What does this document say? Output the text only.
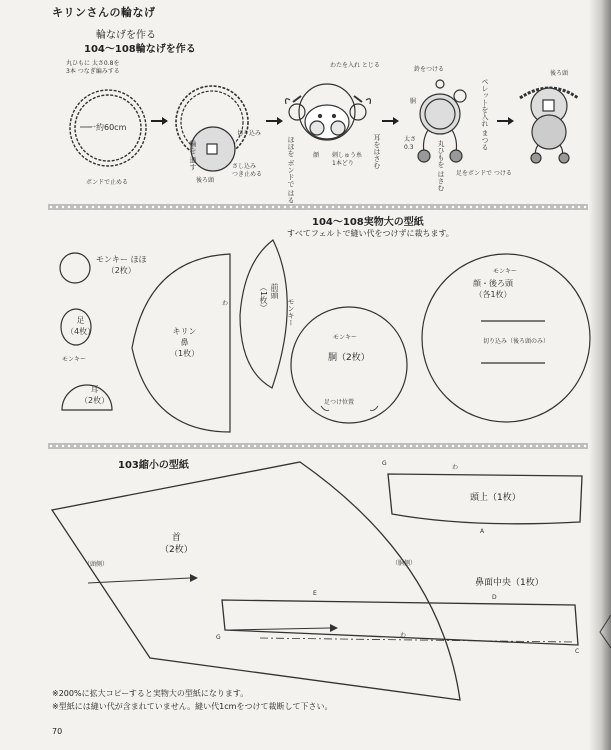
キリンさんの輪なげ
輪なげを作る
104〜108輪なげを作る
丸ひもに 太さ0.8を
3本 つなぎ編みする
一約60cm
ボンドで止める
切り込み
輪を 通す
後ろ頭
さし込み
つき止める
わたを入れ とじる
ほほを ボンドで はる	顔 刺しゅう糸
1本どり	耳をはさむ
鈴をつける
胴
太さ
0.3	ペレットを入れ まつる
丸ひもを はさむ 足をボンドで つける
後ろ頭
104〜108実物大の型紙
すべてフェルトで縫い代をつけずに裁ちます。
モンキー ほほ
（2枚）
足
（4枚）
モンキー
耳
（2枚）
キリン
鼻
（1枚）
わ
前頭
（1枚）	モンキー
モンキー
胴（2枚）
足つけ位置
モンキー
顔・後ろ頭
（各1枚）
切り込み（後ろ頭のみ）
103縮小の型紙
首
（2枚）
（頭側）	（胴側）
頭上（1枚）
鼻面中央（1枚）
G
G
A
E
D
C
わ
わ
※200%に拡大コピーすると実物大の型紙になります。
※型紙には縫い代が含まれていません。縫い代1cmをつけて裁断して下さい。
70
